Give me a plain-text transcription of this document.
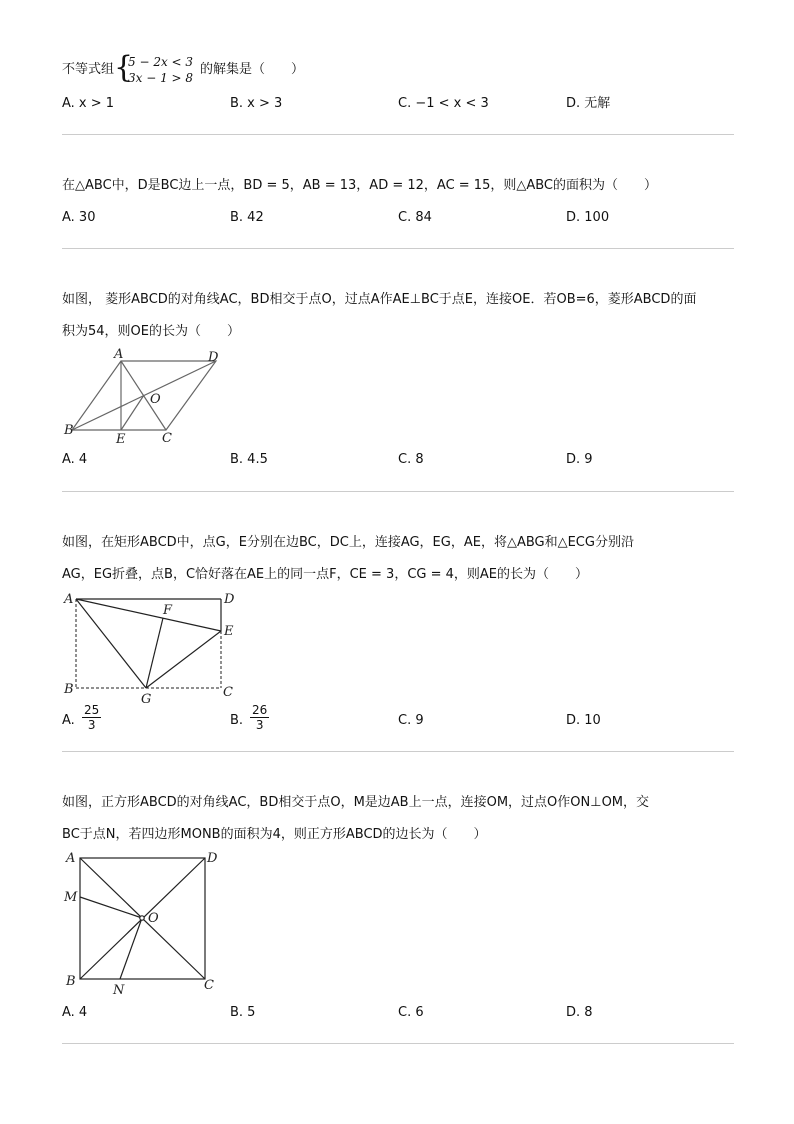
不等式组 {
5 − 2x < 3
3x − 1 > 8
的解集是（　　）
A. x > 1	B. x > 3	C. −1 < x < 3	D. 无解
在△ABC中，D是BC边上一点，BD = 5，AB = 13，AD = 12，AC = 15，则△ABC的面积为（　　）
A. 30	B. 42	C. 84	D. 100
如图， 菱形ABCD的对角线AC，BD相交于点O，过点A作AE⊥BC于点E，连接OE．若OB=6，菱形ABCD的面
积为54，则OE的长为（　　）
A	D
O
B
E	C
A. 4	B. 4.5	C. 8	D. 9
如图，在矩形ABCD中，点G，E分别在边BC，DC上，连接AG，EG，AE，将△ABG和△ECG分别沿
AG，EG折叠，点B，C恰好落在AE上的同一点F，CE = 3，CG = 4，则AE的长为（　　）
A	D
F
E
B
G	C
A. $\frac{25}{3}$	B. $\frac{26}{3}$	C. 9	D. 10
如图，正方形ABCD的对角线AC，BD相交于点O，M是边AB上一点，连接OM，过点O作ON⊥OM，交
BC于点N，若四边形MONB的面积为4，则正方形ABCD的边长为（　　）
A	D
M
O
B
N	C
A. 4	B. 5	C. 6	D. 8
